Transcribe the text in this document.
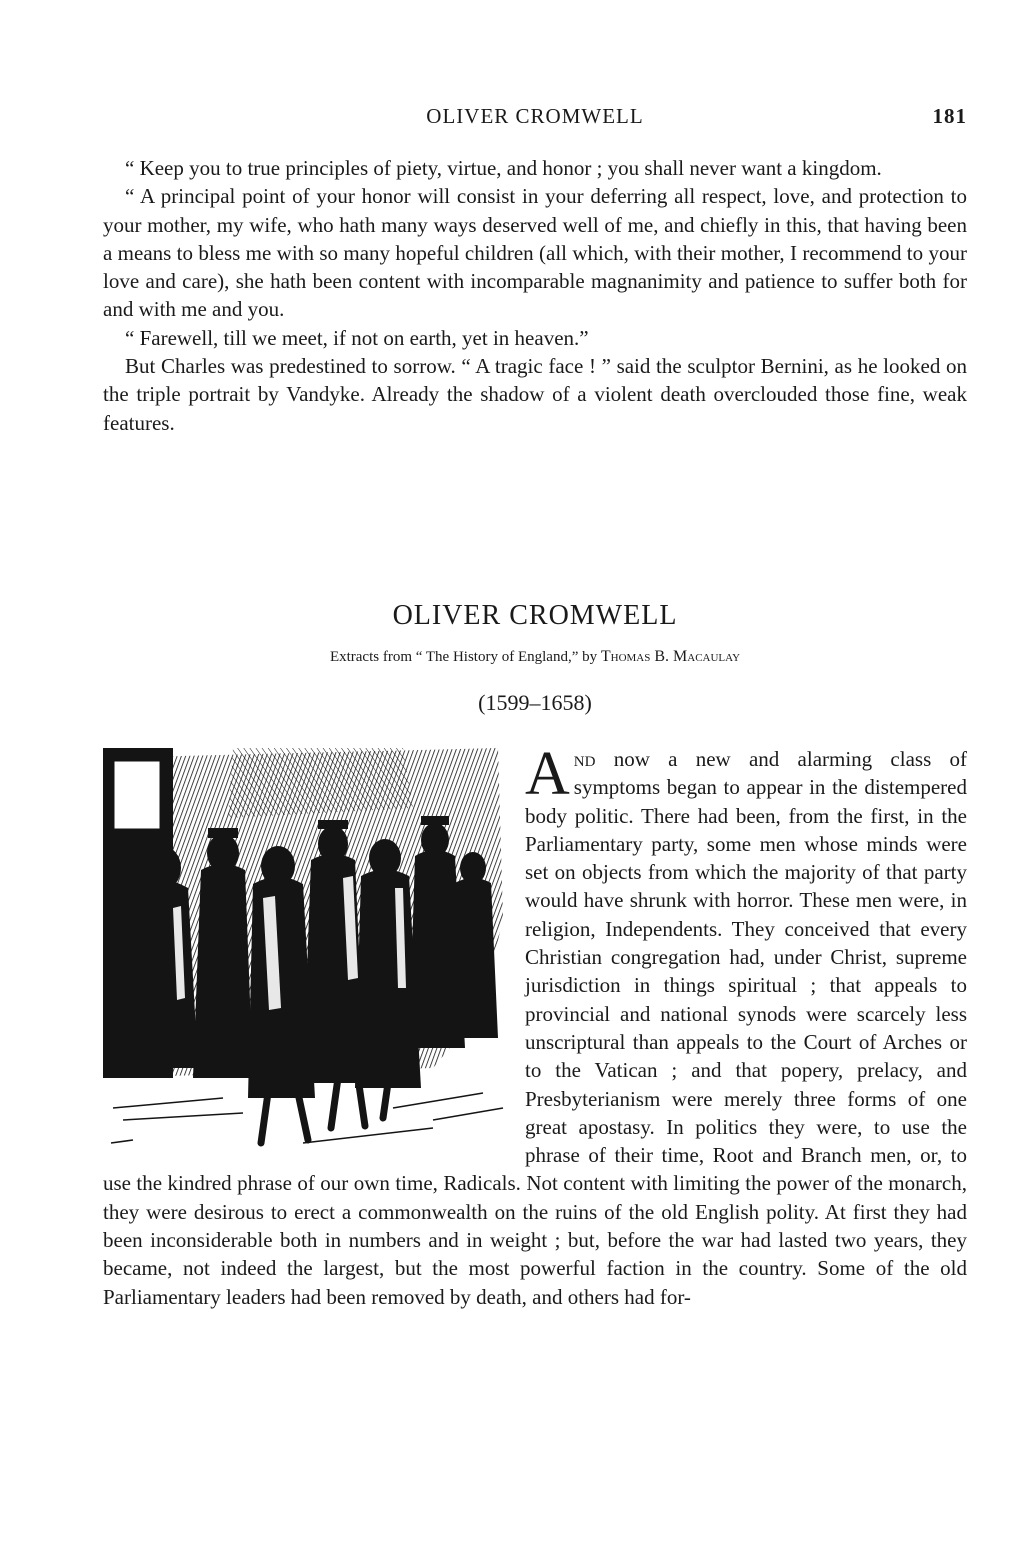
OLIVER CROMWELL	181

“ Keep you to true principles of piety, virtue, and honor ; you shall never want a kingdom.

“ A principal point of your honor will consist in your deferring all respect, love, and protection to your mother, my wife, who hath many ways deserved well of me, and chiefly in this, that having been a means to bless me with so many hopeful children (all which, with their mother, I recommend to your love and care), she hath been content with incomparable magnanimity and patience to suffer both for and with me and you.

“ Farewell, till we meet, if not on earth, yet in heaven.”

But Charles was predestined to sorrow. “ A tragic face ! ” said the sculptor Bernini, as he looked on the triple portrait by Vandyke. Already the shadow of a violent death overclouded those fine, weak features.

OLIVER CROMWELL
Extracts from “ The History of England,” by Thomas B. Macaulay
(1599–1658)
A nd now a new and alarming class of symptoms began to appear in the distempered body politic. There had been, from the first, in the Parliamentary party, some men whose minds were set on objects from which the majority of that party would have shrunk with horror. These men were, in religion, Independents. They conceived that every Christian congregation had, under Christ, supreme jurisdiction in things spiritual ; that appeals to provincial and national synods were scarcely less unscriptural than appeals to the Court of Arches or to the Vatican ; and that popery, prelacy, and Presbyterianism were merely three forms of one great apostasy. In politics they were, to use the phrase of their time, Root and Branch men, or, to use the kindred phrase of our own time, Radicals. Not content with limiting the power of the monarch, they were desirous to erect a commonwealth on the ruins of the old English polity. At first they had been inconsiderable both in numbers and in weight ; but, before the war had lasted two years, they became, not indeed the largest, but the most powerful faction in the country. Some of the old Parliamentary leaders had been removed by death, and others had for-
